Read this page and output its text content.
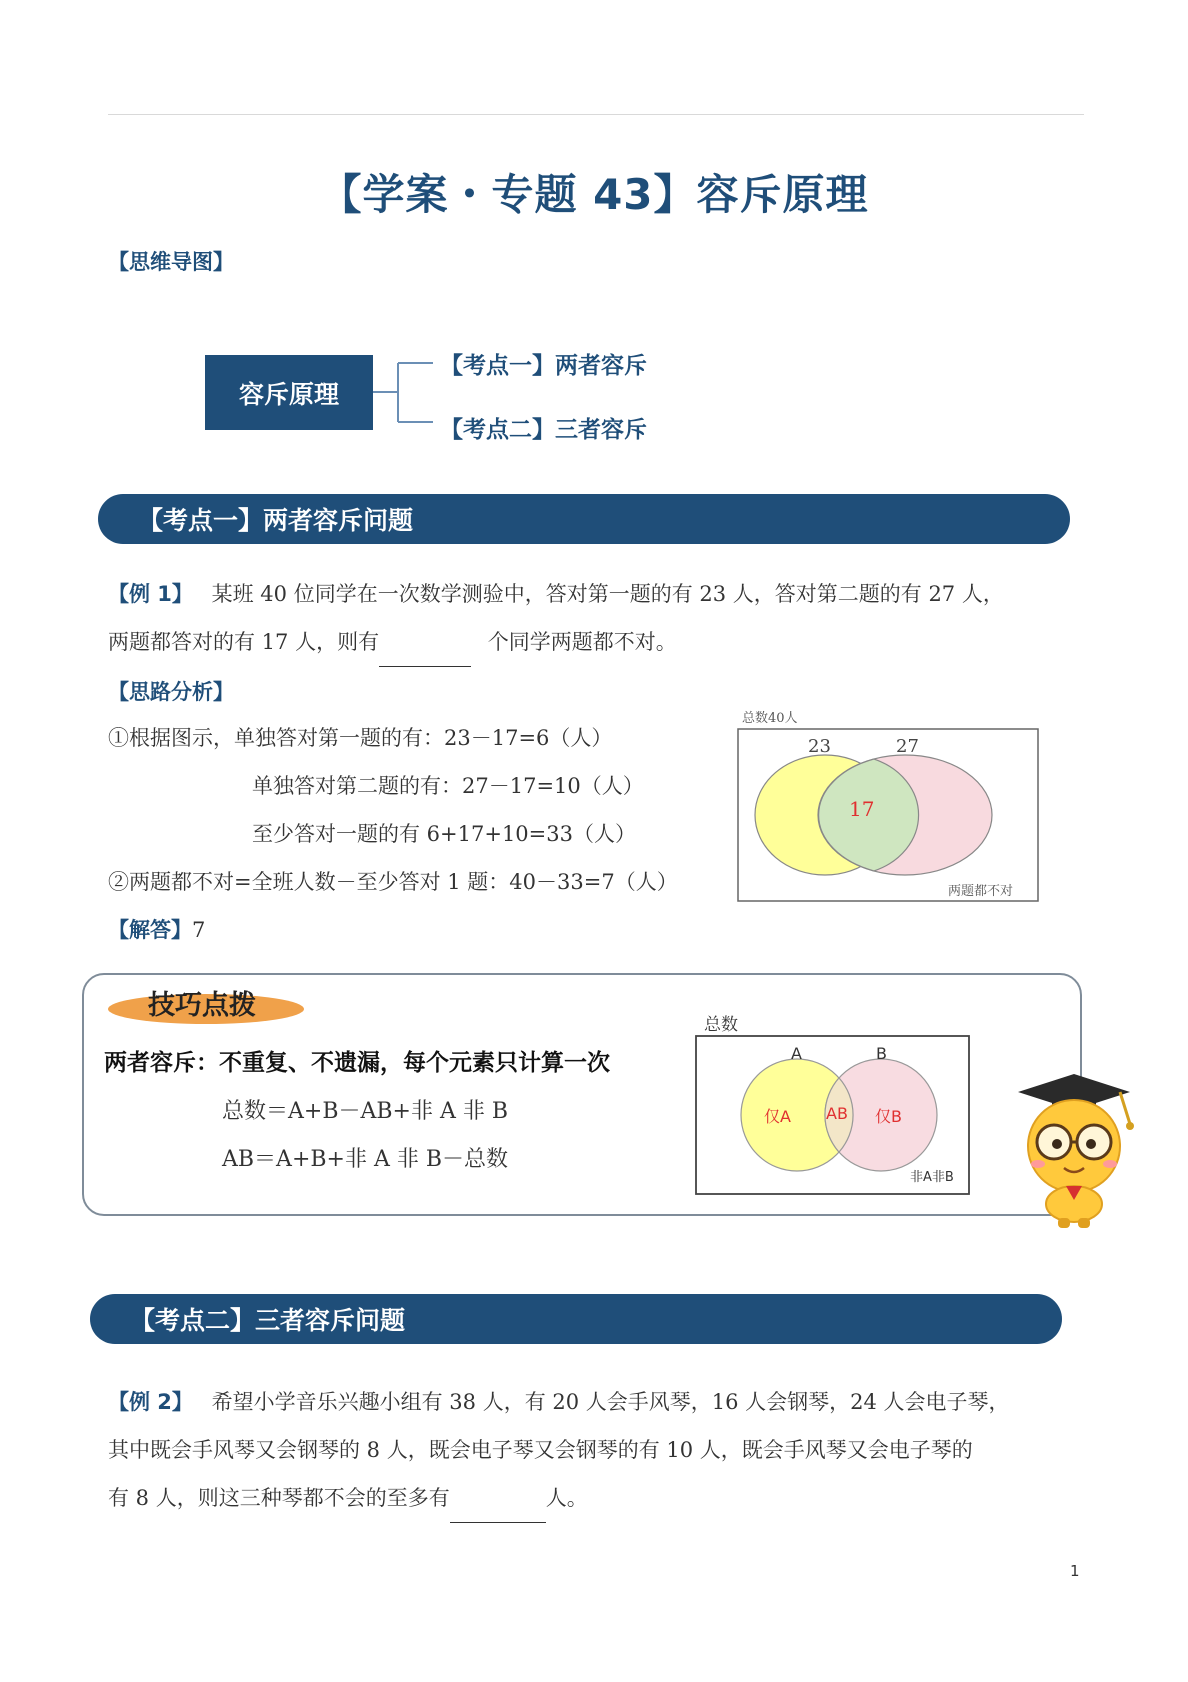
【学案・专题 43】容斥原理
【思维导图】
容斥原理
【考点一】两者容斥
【考点二】三者容斥
【考点一】两者容斥问题
【例 1】 某班 40 位同学在一次数学测验中，答对第一题的有 23 人，答对第二题的有 27 人，
两题都答对的有 17 人，则有	个同学两题都不对。
【思路分析】
①根据图示，单独答对第一题的有：23－17=6（人）
单独答对第二题的有：27－17=10（人）
至少答对一题的有 6+17+10=33（人）
②两题都不对=全班人数－至少答对 1 题：40－33=7（人）
【解答】7
总数40人
23	27
17
两题都不对
技巧点拨
两者容斥：不重复、不遗漏，每个元素只计算一次
总数＝A+B－AB+非 A 非 B
AB＝A+B+非 A 非 B－总数
总数
A	B
仅A AB 仅B
非A非B
【考点二】三者容斥问题
【例 2】 希望小学音乐兴趣小组有 38 人，有 20 人会手风琴，16 人会钢琴，24 人会电子琴，
其中既会手风琴又会钢琴的 8 人，既会电子琴又会钢琴的有 10 人，既会手风琴又会电子琴的
有 8 人，则这三种琴都不会的至多有	人。
1
